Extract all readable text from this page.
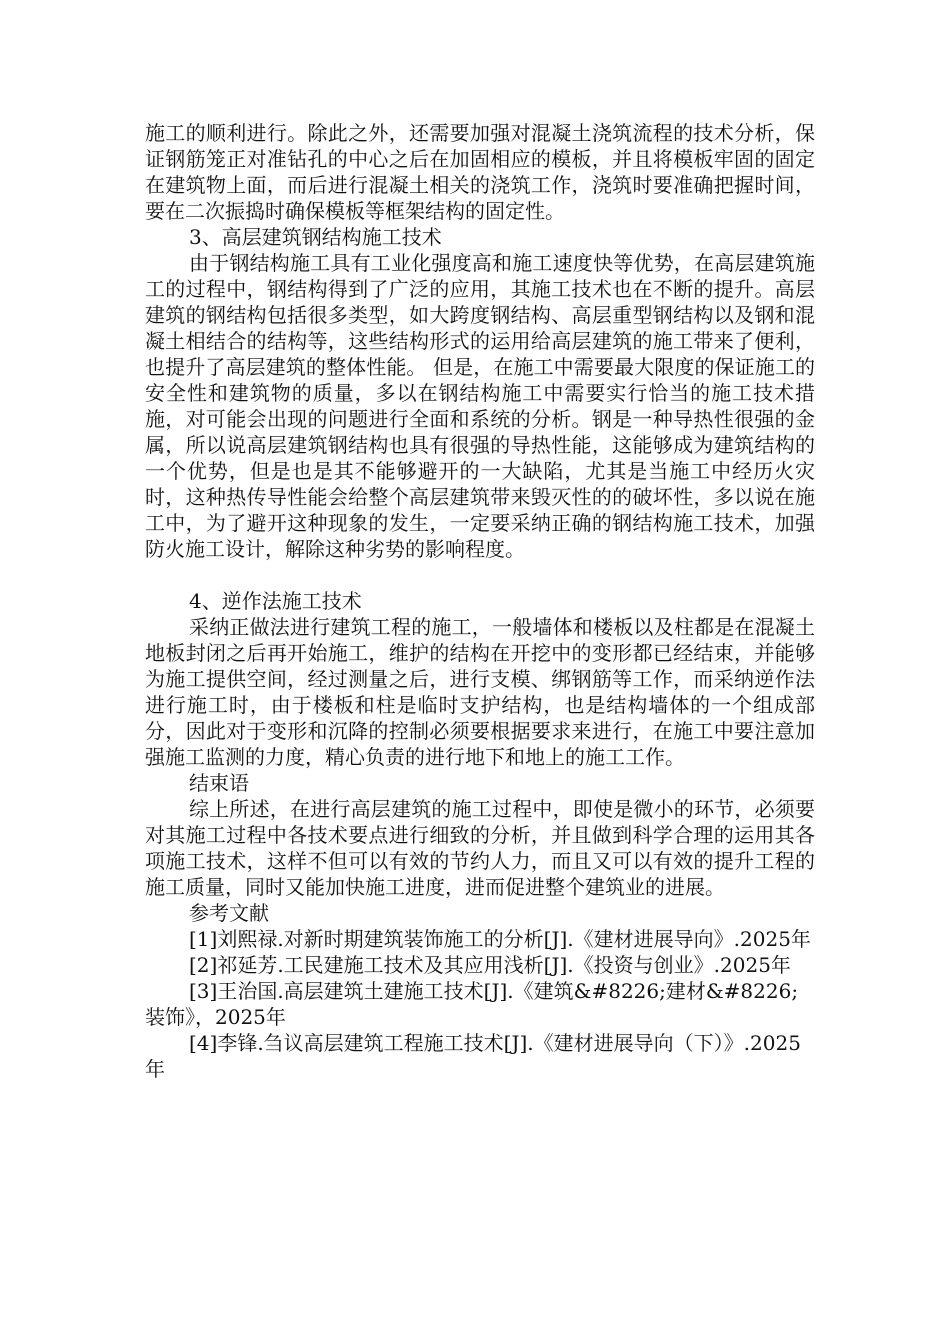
施工的顺利进行。除此之外，还需要加强对混凝土浇筑流程的技术分析，保证钢筋笼正对准钻孔的中心之后在加固相应的模板，并且将模板牢固的固定在建筑物上面，而后进行混凝土相关的浇筑工作，浇筑时要准确把握时间，要在二次振捣时确保模板等框架结构的固定性。

3、高层建筑钢结构施工技术

由于钢结构施工具有工业化强度高和施工速度快等优势，在高层建筑施工的过程中，钢结构得到了广泛的应用，其施工技术也在不断的提升。高层建筑的钢结构包括很多类型，如大跨度钢结构、高层重型钢结构以及钢和混凝土相结合的结构等，这些结构形式的运用给高层建筑的施工带来了便利，也提升了高层建筑的整体性能。 但是，在施工中需要最大限度的保证施工的安全性和建筑物的质量，多以在钢结构施工中需要实行恰当的施工技术措施，对可能会出现的问题进行全面和系统的分析。钢是一种导热性很强的金属，所以说高层建筑钢结构也具有很强的导热性能，这能够成为建筑结构的一个优势，但是也是其不能够避开的一大缺陷，尤其是当施工中经历火灾时，这种热传导性能会给整个高层建筑带来毁灭性的的破坏性，多以说在施工中，为了避开这种现象的发生，一定要采纳正确的钢结构施工技术，加强防火施工设计，解除这种劣势的影响程度。

4、逆作法施工技术

采纳正做法进行建筑工程的施工，一般墙体和楼板以及柱都是在混凝土地板封闭之后再开始施工，维护的结构在开挖中的变形都已经结束，并能够为施工提供空间，经过测量之后，进行支模、绑钢筋等工作，而采纳逆作法进行施工时，由于楼板和柱是临时支护结构，也是结构墙体的一个组成部分，因此对于变形和沉降的控制必须要根据要求来进行，在施工中要注意加强施工监测的力度，精心负责的进行地下和地上的施工工作。

结束语

综上所述，在进行高层建筑的施工过程中，即使是微小的环节，必须要对其施工过程中各技术要点进行细致的分析，并且做到科学合理的运用其各项施工技术，这样不但可以有效的节约人力，而且又可以有效的提升工程的施工质量，同时又能加快施工进度，进而促进整个建筑业的进展。

参考文献

[1]刘熙禄.对新时期建筑装饰施工的分析[J].《建材进展导向》.2025年

[2]祁延芳.工民建施工技术及其应用浅析[J].《投资与创业》.2025年

[3]王治国.高层建筑土建施工技术[J].《建筑&#8226;建材&#8226;装饰》，2025年

[4]李锋.刍议高层建筑工程施工技术[J].《建材进展导向（下）》.2025年
